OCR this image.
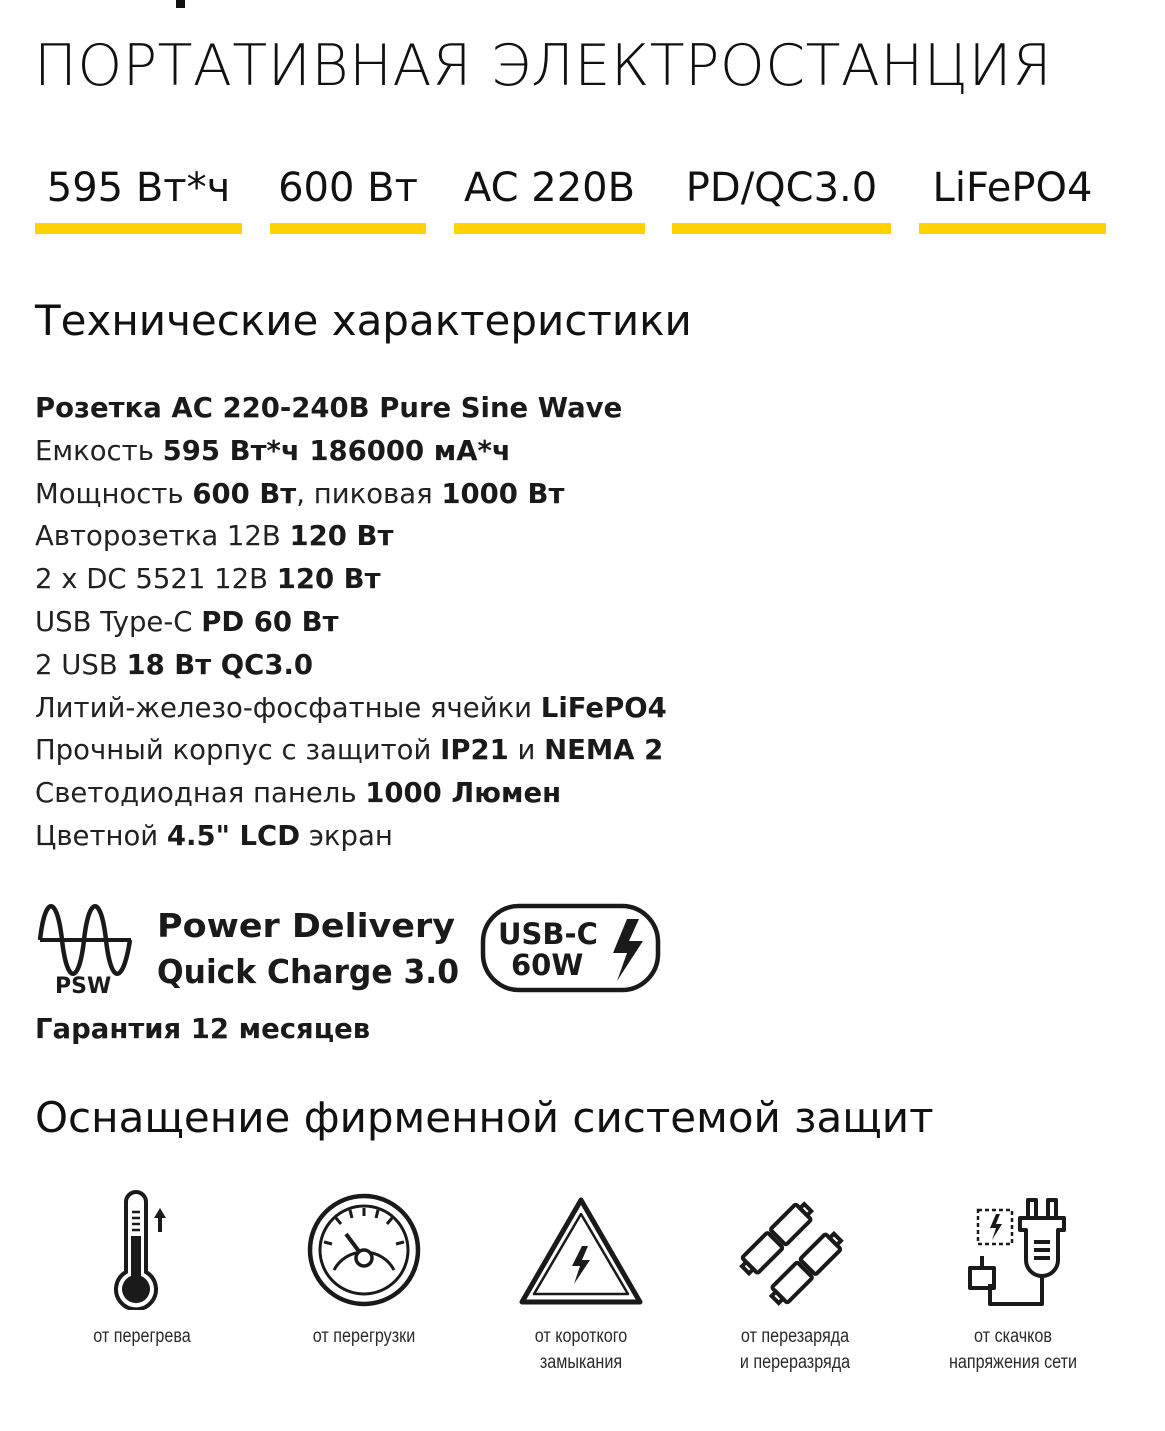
ПОРТАТИВНАЯ ЭЛЕКТРОСТАНЦИЯ
595 Вт*ч 600 Вт AC 220В PD/QC3.0 LiFePO4
Технические характеристики
Розетка AC 220-240В Pure Sine Wave
Емкость 595 Вт*ч 186000 мА*ч
Мощность 600 Вт, пиковая 1000 Вт
Авторозетка 12В 120 Вт
2 x DC 5521 12В 120 Вт
USB Type-C PD 60 Вт
2 USB 18 Вт QC3.0
Литий-железо-фосфатные ячейки LiFePO4
Прочный корпус с защитой IP21 и NEMA 2
Светодиодная панель 1000 Люмен
Цветной 4.5" LCD экран
PSW
Power Delivery
Quick Charge 3.0
USB-C
60W
Гарантия 12 месяцев
Оснащение фирменной системой защит
от перегрева	от перегрузки	от короткого
замыкания
от перезаряда
и переразряда
от скачков
напряжения сети
